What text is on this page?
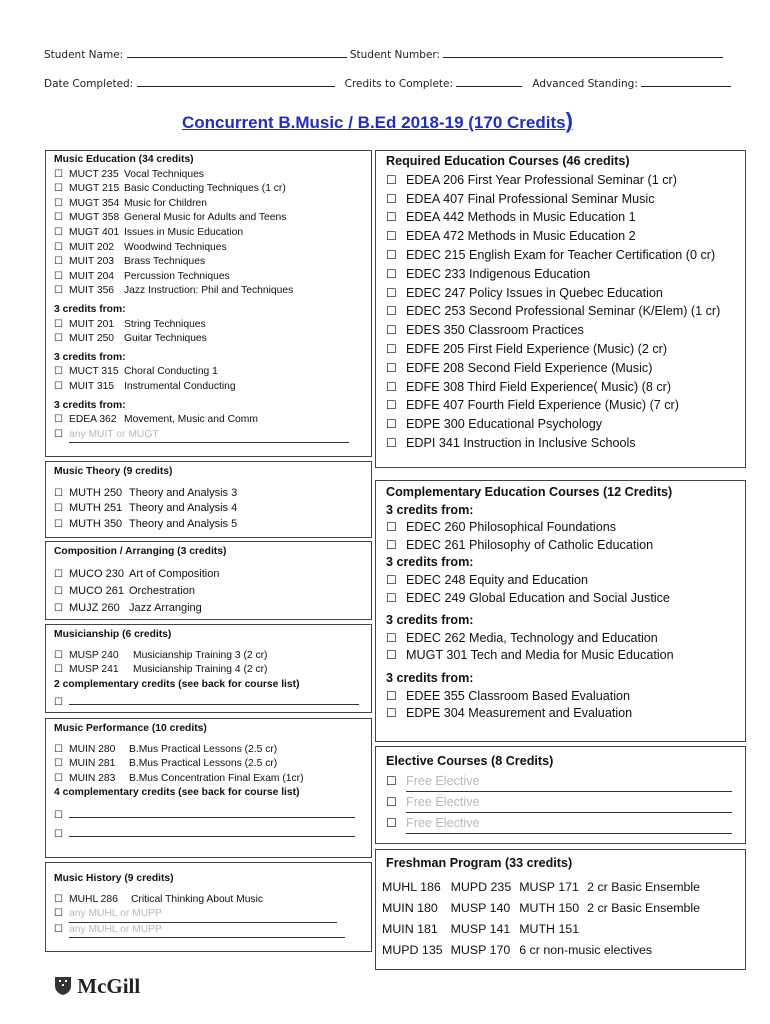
Student Name:	Student Number:
Date Completed:	Credits to Complete:	Advanced Standing:
Concurrent B.Music / B.Ed 2018-19 (170 Credits)
Music Education (34 credits)
☐ MUCT 235 Vocal Techniques
☐ MUGT 215 Basic Conducting Techniques (1 cr)
☐ MUGT 354 Music for Children
☐ MUGT 358 General Music for Adults and Teens
☐ MUGT 401 Issues in Music Education
☐ MUIT 202 Woodwind Techniques
☐ MUIT 203 Brass Techniques
☐ MUIT 204 Percussion Techniques
☐ MUIT 356 Jazz Instruction: Phil and Techniques
3 credits from:
☐ MUIT 201 String Techniques
☐ MUIT 250 Guitar Techniques
3 credits from:
☐ MUCT 315 Choral Conducting 1
☐ MUIT 315 Instrumental Conducting
3 credits from:
☐ EDEA 362 Movement, Music and Comm
☐ any MUIT or MUGT
Music Theory (9 credits)
☐ MUTH 250 Theory and Analysis 3
☐ MUTH 251 Theory and Analysis 4
☐ MUTH 350 Theory and Analysis 5
Composition / Arranging (3 credits)
☐ MUCO 230 Art of Composition
☐ MUCO 261 Orchestration
☐ MUJZ 260 Jazz Arranging
Musicianship (6 credits)
☐ MUSP 240 Musicianship Training 3 (2 cr)
☐ MUSP 241 Musicianship Training 4 (2 cr)
2 complementary credits (see back for course list)
☐
Music Performance (10 credits)
☐ MUIN 280 B.Mus Practical Lessons (2.5 cr)
☐ MUIN 281 B.Mus Practical Lessons (2.5 cr)
☐ MUIN 283 B.Mus Concentration Final Exam (1cr)
4 complementary credits (see back for course list)
☐
☐
Music History (9 credits)
☐ MUHL 286 Critical Thinking About Music
☐ any MUHL or MUPP
☐ any MUHL or MUPP
Required Education Courses (46 credits)
☐ EDEA 206 First Year Professional Seminar (1 cr)
☐ EDEA 407 Final Professional Seminar Music
☐ EDEA 442 Methods in Music Education 1
☐ EDEA 472 Methods in Music Education 2
☐ EDEC 215 English Exam for Teacher Certification (0 cr)
☐ EDEC 233 Indigenous Education
☐ EDEC 247 Policy Issues in Quebec Education
☐ EDEC 253 Second Professional Seminar (K/Elem) (1 cr)
☐ EDES 350 Classroom Practices
☐ EDFE 205 First Field Experience (Music) (2 cr)
☐ EDFE 208 Second Field Experience (Music)
☐ EDFE 308 Third Field Experience( Music) (8 cr)
☐ EDFE 407 Fourth Field Experience (Music) (7 cr)
☐ EDPE 300 Educational Psychology
☐ EDPI 341 Instruction in Inclusive Schools
Complementary Education Courses (12 Credits)
3 credits from:
☐ EDEC 260 Philosophical Foundations
☐ EDEC 261 Philosophy of Catholic Education
3 credits from:
☐ EDEC 248 Equity and Education
☐ EDEC 249 Global Education and Social Justice
3 credits from:
☐ EDEC 262 Media, Technology and Education
☐ MUGT 301 Tech and Media for Music Education
3 credits from:
☐ EDEE 355 Classroom Based Evaluation
☐ EDPE 304 Measurement and Evaluation
Elective Courses (8 Credits)
☐ Free Elective
☐ Free Elective
☐ Free Elective
Freshman Program (33 credits)
MUHL 186	MUPD 235	MUSP 171	2 cr Basic Ensemble
MUIN 180	MUSP 140	MUTH 150	2 cr Basic Ensemble
MUIN 181	MUSP 141	MUTH 151	
MUPD 135	MUSP 170	6 cr non-music electives	
McGill
